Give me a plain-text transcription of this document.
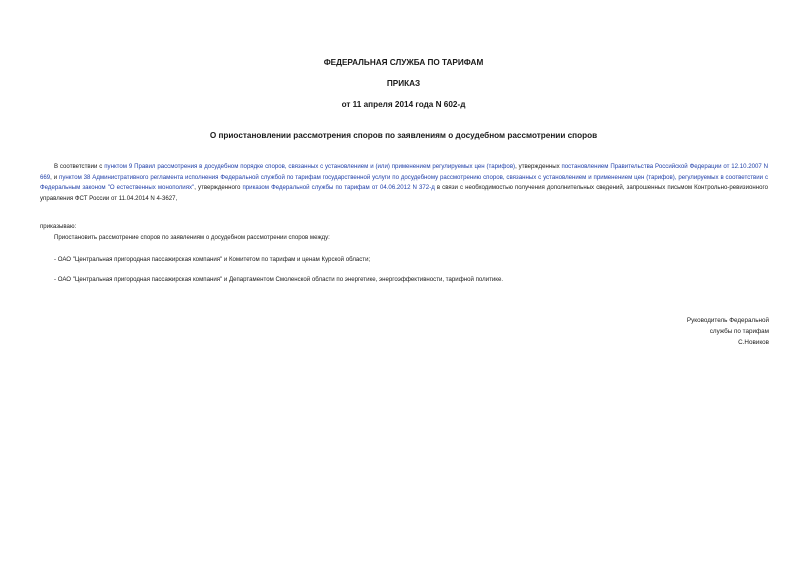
ФЕДЕРАЛЬНАЯ СЛУЖБА ПО ТАРИФАМ
ПРИКАЗ
от 11 апреля 2014 года N 602-д
О приостановлении рассмотрения споров по заявлениям о досудебном рассмотрении споров
В соответствии с пунктом 9 Правил рассмотрения в досудебном порядке споров, связанных с установлением и (или) применением регулируемых цен (тарифов), утвержденных постановлением Правительства Российской Федерации от 12.10.2007 N 669, и пунктом 38 Административного регламента исполнения Федеральной службой по тарифам государственной услуги по досудебному рассмотрению споров, связанных с установлением и применением цен (тарифов), регулируемых в соответствии с Федеральным законом "О естественных монополиях", утвержденного приказом Федеральной службы по тарифам от 04.06.2012 N 372-д в связи с необходимостью получения дополнительных сведений, запрошенных письмом Контрольно-ревизионного управления ФСТ России от 11.04.2014 N 4-3627,
приказываю:
Приостановить рассмотрение споров по заявлениям о досудебном рассмотрении споров между:
- ОАО "Центральная пригородная пассажирская компания" и Комитетом по тарифам и ценам Курской области;
- ОАО "Центральная пригородная пассажирская компания" и Департаментом Смоленской области по энергетике, энергоэффективности, тарифной политике.
Руководитель Федеральной
службы по тарифам
С.Новиков
